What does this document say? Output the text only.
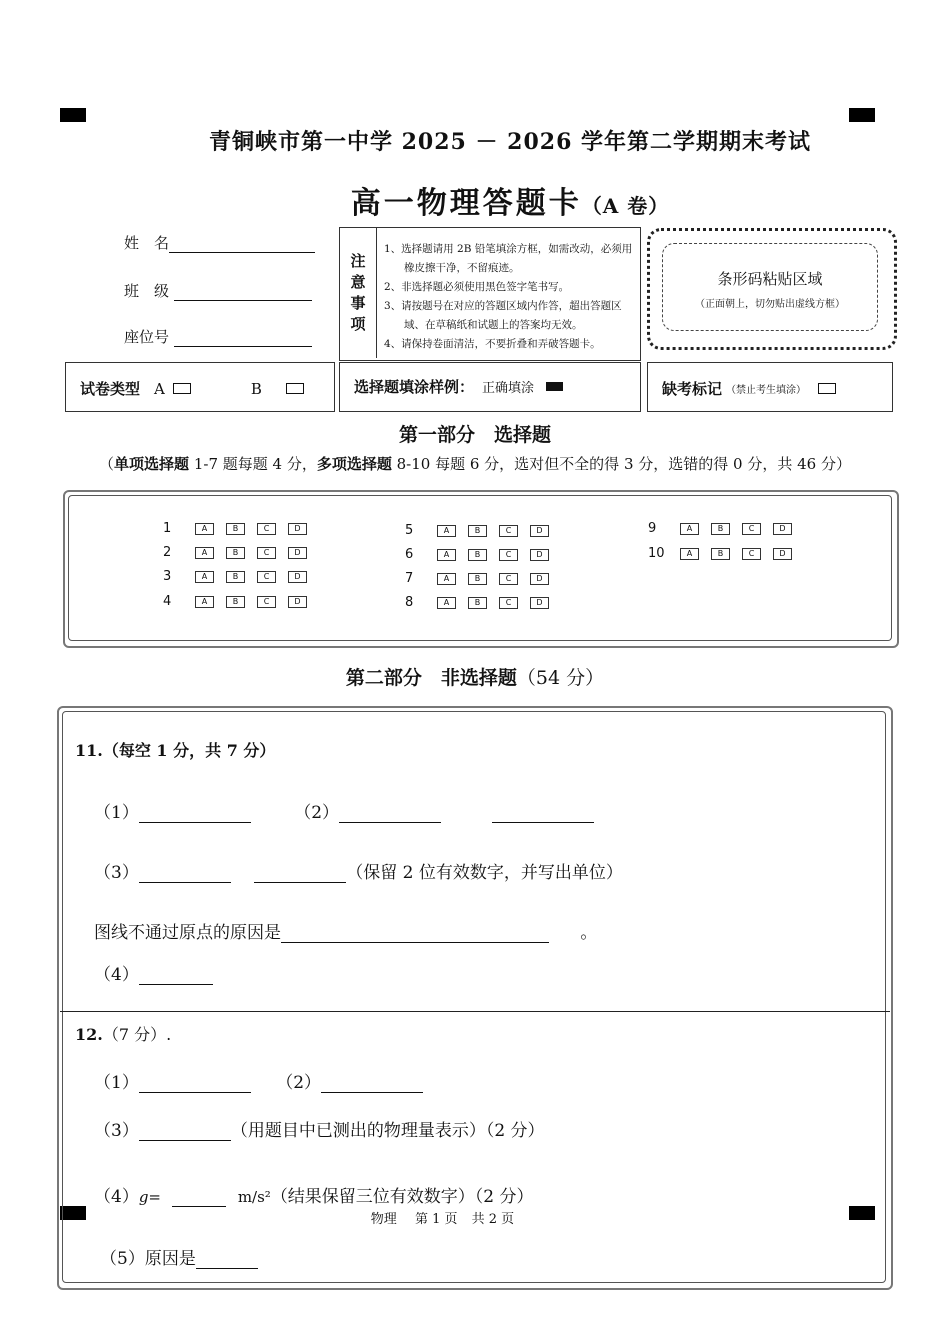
青铜峡市第一中学 2025 － 2026 学年第二学期期末考试
高一物理答题卡（A 卷）
姓　名
班　级
座位号
注
意
事
项
1、选择题请用 2B 铅笔填涂方框，如需改动，必须用橡皮擦干净，不留痕迹。
2、非选择题必须使用黑色签字笔书写。
3、请按题号在对应的答题区域内作答，超出答题区域、在草稿纸和试题上的答案均无效。
4、请保持卷面清洁，不要折叠和弄破答题卡。
条形码粘贴区域
（正面朝上，切勿贴出虚线方框）
试卷类型 A	B	选择题填涂样例： 正确填涂	缺考标记 （禁止考生填涂）
第一部分　选择题
（单项选择题 1-7 题每题 4 分，多项选择题 8-10 每题 6 分，选对但不全的得 3 分，选错的得 0 分，共 46 分）
1	A	B	C	D
2	A	B	C	D
3	A	B	C	D
4	A	B	C	D
5	A	B	C	D
6	A	B	C	D
7	A	B	C	D
8	A	B	C	D
9	A	B	C	D
10	A	B	C	D
第二部分　非选择题（54 分）
11.（每空 1 分，共 7 分）
（1）	（2）
（3）	（保留 2 位有效数字，并写出单位）
图线不通过原点的原因是	。
（4）
12.（7 分）.
（1）	（2）
（3）	（用题目中已测出的物理量表示）（2 分）
（4）g=	m/s²（结果保留三位有效数字）（2 分）
物理 第 1 页 共 2 页
（5）原因是
